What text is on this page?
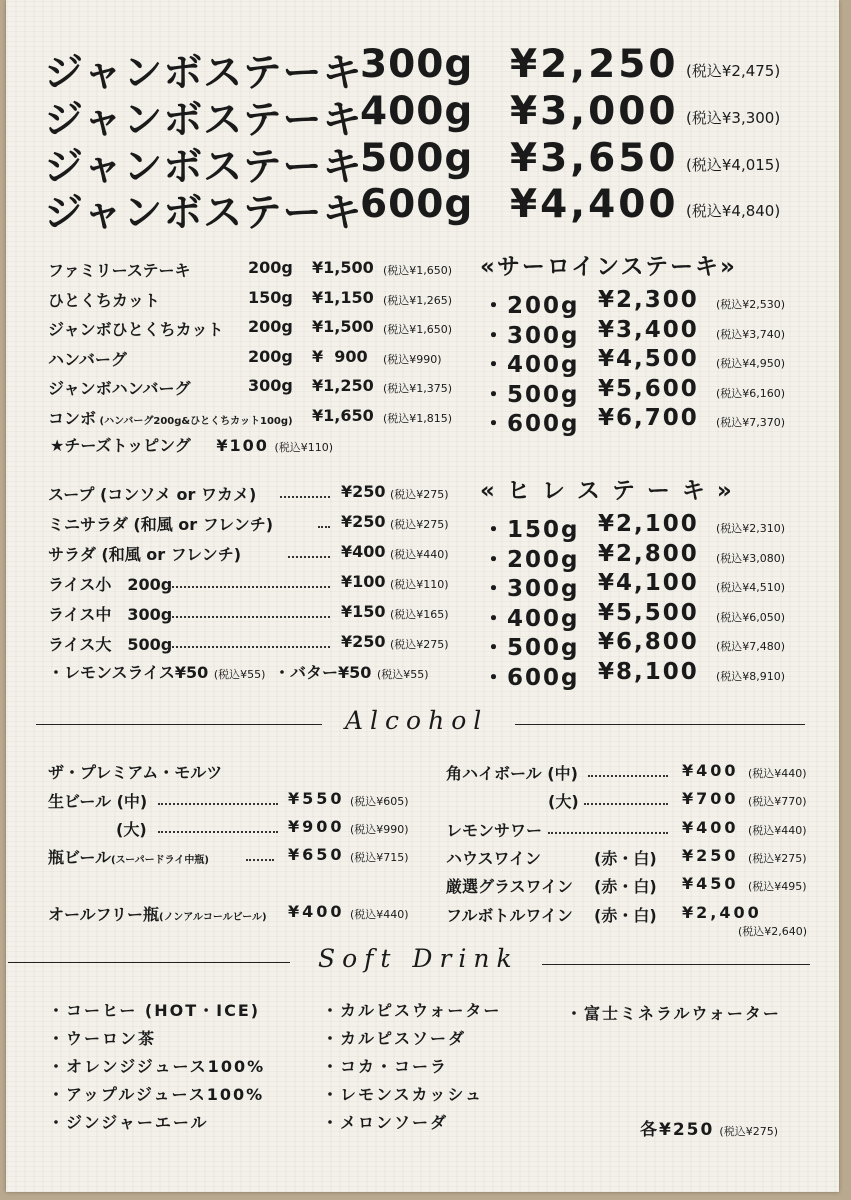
ジャンボステーキ
300g ¥2,250 (税込¥2,475)
ジャンボステーキ
400g ¥3,000 (税込¥3,300)
ジャンボステーキ
500g ¥3,650 (税込¥4,015)
ジャンボステーキ
600g ¥4,400 (税込¥4,840)
ファミリーステーキ	200g ¥1,500 (税込¥1,650)
ひとくちカット	150g ¥1,150 (税込¥1,265)
ジャンボひとくちカット 200g ¥1,500 (税込¥1,650)
ハンバーグ	200g ¥  900 (税込¥990)
ジャンボハンバーグ	300g ¥1,250 (税込¥1,375)
コンボ (ハンバーグ200g&ひとくちカット100g) ¥1,650 (税込¥1,815)
★チーズトッピング ¥100 (税込¥110)
スープ (コンソメ or ワカメ)	¥250 (税込¥275)
ミニサラダ (和風 or フレンチ)	¥250 (税込¥275)
サラダ (和風 or フレンチ)	¥400 (税込¥440)
ライス小　200g	¥100 (税込¥110)
ライス中　300g	¥150 (税込¥165)
ライス大　500g	¥250 (税込¥275)
・レモンスライス¥50 (税込¥55) ・バター¥50 (税込¥55)
«サーロインステーキ»
・200g ¥2,300 (税込¥2,530)
・300g ¥3,400 (税込¥3,740)
・400g ¥4,500 (税込¥4,950)
・500g ¥5,600 (税込¥6,160)
・600g ¥6,700 (税込¥7,370)
« ヒ レ ス テ ー キ »
・150g ¥2,100 (税込¥2,310)
・200g ¥2,800 (税込¥3,080)
・300g ¥4,100 (税込¥4,510)
・400g ¥5,500 (税込¥6,050)
・500g ¥6,800 (税込¥7,480)
・600g ¥8,100 (税込¥8,910)
Alcohol
ザ・プレミアム・モルツ
生ビール (中)	¥550 (税込¥605)
(大)	¥900 (税込¥990)
瓶ビール(スーパードライ中瓶)	¥650 (税込¥715)
オールフリー瓶(ノンアルコールビール) ¥400 (税込¥440)
角ハイボール (中)	¥400 (税込¥440)
(大)	¥700 (税込¥770)
レモンサワー	¥400 (税込¥440)
ハウスワイン	(赤・白) ¥250 (税込¥275)
厳選グラスワイン (赤・白) ¥450 (税込¥495)
フルボトルワイン (赤・白) ¥2,400
(税込¥2,640)
Soft Drink
・コーヒー (HOT・ICE)
・ウーロン茶
・オレンジジュース100%
・アップルジュース100%
・ジンジャーエール
・カルピスウォーター
・カルピスソーダ
・コカ・コーラ
・レモンスカッシュ
・メロンソーダ
・富士ミネラルウォーター
各¥250 (税込¥275)
